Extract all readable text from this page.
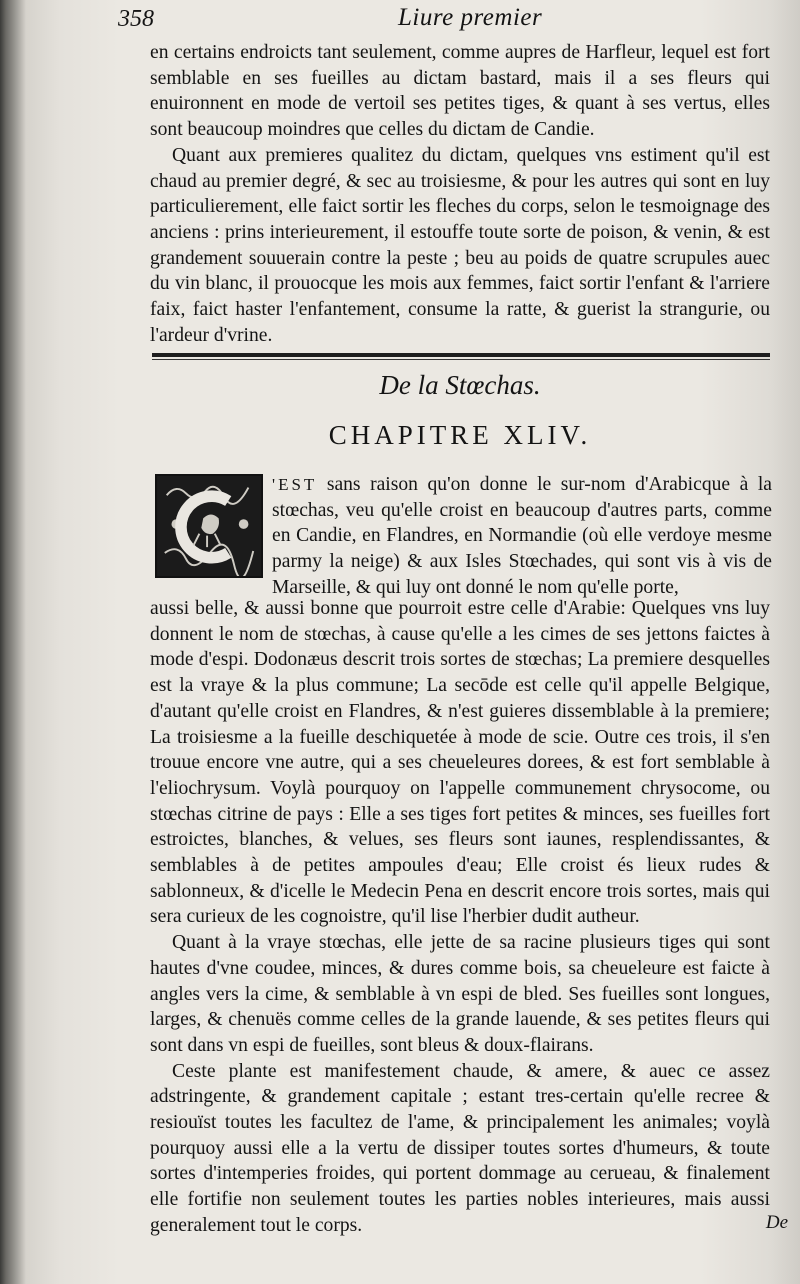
358	Liure premier

en certains endroicts tant seulement, comme aupres de Harfleur, lequel est fort semblable en ses fueilles au dictam bastard, mais il a ses fleurs qui enuironnent en mode de vertoil ses petites tiges, & quant à ses vertus, elles sont beaucoup moindres que celles du dictam de Candie.

Quant aux premieres qualitez du dictam, quelques vns estiment qu'il est chaud au premier degré, & sec au troisiesme, & pour les autres qui sont en luy particulierement, elle faict sortir les fleches du corps, selon le tesmoignage des anciens : prins interieurement, il estouffe toute sorte de poison, & venin, & est grandement souuerain contre la peste ; beu au poids de quatre scrupules auec du vin blanc, il prouocque les mois aux femmes, faict sortir l'enfant & l'arriere faix, faict haster l'enfantement, consume la ratte, & guerist la strangurie, ou l'ardeur d'vrine.

De la Stœchas.
CHAPITRE XLIV.

'EST sans raison qu'on donne le sur-nom d'Arabicque à la stœchas, veu qu'elle croist en beaucoup d'autres parts, comme en Candie, en Flandres, en Normandie (où elle verdoye mesme parmy la neige) & aux Isles Stœchades, qui sont vis à vis de Marseille, & qui luy ont donné le nom qu'elle porte,

aussi belle, & aussi bonne que pourroit estre celle d'Arabie: Quelques vns luy donnent le nom de stœchas, à cause qu'elle a les cimes de ses jettons faictes à mode d'espi. Dodonæus descrit trois sortes de stœchas; La premiere desquelles est la vraye & la plus commune; La secōde est celle qu'il appelle Belgique, d'autant qu'elle croist en Flandres, & n'est guieres dissemblable à la premiere; La troisiesme a la fueille deschiquetée à mode de scie. Outre ces trois, il s'en trouue encore vne autre, qui a ses cheueleures dorees, & est fort semblable à l'eliochrysum. Voylà pourquoy on l'appelle communement chrysocome, ou stœchas citrine de pays : Elle a ses tiges fort petites & minces, ses fueilles fort estroictes, blanches, & velues, ses fleurs sont iaunes, resplendissantes, & semblables à de petites ampoules d'eau; Elle croist és lieux rudes & sablonneux, & d'icelle le Medecin Pena en descrit encore trois sortes, mais qui sera curieux de les cognoistre, qu'il lise l'herbier dudit autheur.

Quant à la vraye stœchas, elle jette de sa racine plusieurs tiges qui sont hautes d'vne coudee, minces, & dures comme bois, sa cheueleure est faicte à angles vers la cime, & semblable à vn espi de bled. Ses fueilles sont longues, larges, & chenuës comme celles de la grande lauende, & ses petites fleurs qui sont dans vn espi de fueilles, sont bleus & doux-flairans.

Ceste plante est manifestement chaude, & amere, & auec ce assez adstringente, & grandement capitale ; estant tres-certain qu'elle recree & resiouïst toutes les facultez de l'ame, & principalement les animales; voylà pourquoy aussi elle a la vertu de dissiper toutes sortes d'humeurs, & toute sortes d'intemperies froides, qui portent dommage au cerueau, & finalement elle fortifie non seulement toutes les parties nobles interieures, mais aussi generalement tout le corps.	De
